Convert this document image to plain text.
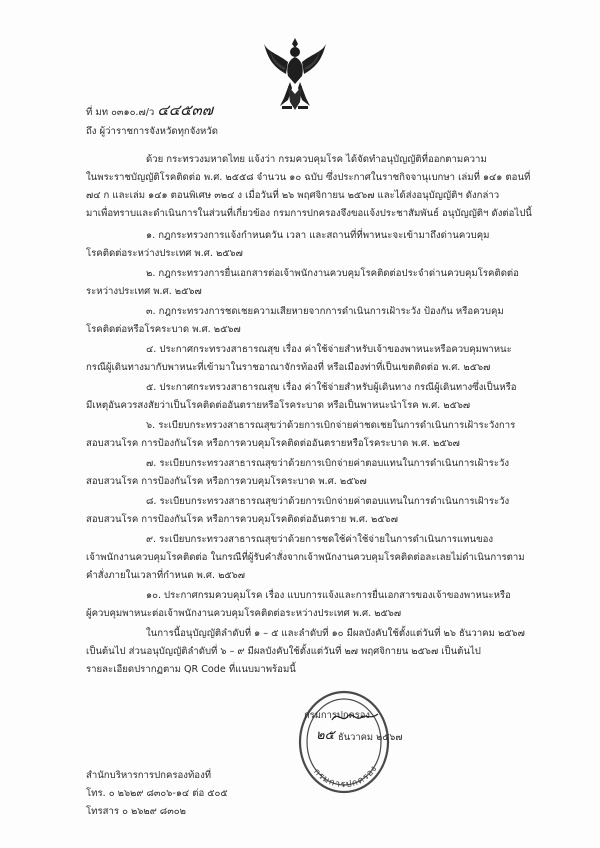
ที่ มท ๐๓๑๐.๗/ว ๔๔๕๓๗
ถึง ผู้ว่าราชการจังหวัดทุกจังหวัด
ด้วย กระทรวงมหาดไทย แจ้งว่า กรมควบคุมโรค ได้จัดทำอนุบัญญัติที่ออกตามความ
ในพระราชบัญญัติโรคติดต่อ พ.ศ. ๒๕๕๘ จำนวน ๑๐ ฉบับ ซึ่งประกาศในราชกิจจานุเบกษา เล่มที่ ๑๔๑ ตอนที่
๗๔ ก และเล่ม ๑๔๑ ตอนพิเศษ ๓๒๔ ง เมื่อวันที่ ๒๖ พฤศจิกายน ๒๕๖๗ และได้ส่งอนุบัญญัติฯ ดังกล่าว
มาเพื่อทราบและดำเนินการในส่วนที่เกี่ยวข้อง กรมการปกครองจึงขอแจ้งประชาสัมพันธ์ อนุบัญญัติฯ ดังต่อไปนี้
๑. กฎกระทรวงการแจ้งกำหนดวัน เวลา และสถานที่ที่พาหนะจะเข้ามาถึงด่านควบคุม
โรคติดต่อระหว่างประเทศ พ.ศ. ๒๕๖๗
๒. กฎกระทรวงการยื่นเอกสารต่อเจ้าพนักงานควบคุมโรคติดต่อประจำด่านควบคุมโรคติดต่อ
ระหว่างประเทศ พ.ศ. ๒๕๖๗
๓. กฎกระทรวงการชดเชยความเสียหายจากการดำเนินการเฝ้าระวัง ป้องกัน หรือควบคุม
โรคติดต่อหรือโรคระบาด พ.ศ. ๒๕๖๗
๔. ประกาศกระทรวงสาธารณสุข เรื่อง ค่าใช้จ่ายสำหรับเจ้าของพาหนะหรือควบคุมพาหนะ
กรณีผู้เดินทางมากับพาหนะที่เข้ามาในราชอาณาจักรท้องที่ หรือเมืองท่าที่เป็นเขตติดต่อ พ.ศ. ๒๕๖๗
๕. ประกาศกระทรวงสาธารณสุข เรื่อง ค่าใช้จ่ายสำหรับผู้เดินทาง กรณีผู้เดินทางซึ่งเป็นหรือ
มีเหตุอันควรสงสัยว่าเป็นโรคติดต่ออันตรายหรือโรคระบาด หรือเป็นพาหนะนำโรค พ.ศ. ๒๕๖๗
๖. ระเบียบกระทรวงสาธารณสุขว่าด้วยการเบิกจ่ายค่าชดเชยในการดำเนินการเฝ้าระวังการ
สอบสวนโรค การป้องกันโรค หรือการควบคุมโรคติดต่ออันตรายหรือโรคระบาด พ.ศ. ๒๕๖๗
๗. ระเบียบกระทรวงสาธารณสุขว่าด้วยการเบิกจ่ายค่าตอบแทนในการดำเนินการเฝ้าระวัง
สอบสวนโรค การป้องกันโรค หรือการควบคุมโรคระบาด พ.ศ. ๒๕๖๗
๘. ระเบียบกระทรวงสาธารณสุขว่าด้วยการเบิกจ่ายค่าตอบแทนในการดำเนินการเฝ้าระวัง
สอบสวนโรค การป้องกันโรค หรือการควบคุมโรคติดต่ออันตราย พ.ศ. ๒๕๖๗
๙. ระเบียบกระทรวงสาธารณสุขว่าด้วยการชดใช้ค่าใช้จ่ายในการดำเนินการแทนของ
เจ้าพนักงานควบคุมโรคติดต่อ ในกรณีที่ผู้รับคำสั่งจากเจ้าพนักงานควบคุมโรคติดต่อละเลยไม่ดำเนินการตาม
คำสั่งภายในเวลาที่กำหนด พ.ศ. ๒๕๖๗
๑๐. ประกาศกรมควบคุมโรค เรื่อง แบบการแจ้งและการยื่นเอกสารของเจ้าของพาหนะหรือ
ผู้ควบคุมพาหนะต่อเจ้าพนักงานควบคุมโรคติดต่อระหว่างประเทศ พ.ศ. ๒๕๖๗
ในการนี้อนุบัญญัติลำดับที่ ๑ – ๕ และลำดับที่ ๑๐ มีผลบังคับใช้ตั้งแต่วันที่ ๒๖ ธันวาคม ๒๕๖๗
เป็นต้นไป ส่วนอนุบัญญัติลำดับที่ ๖ – ๙ มีผลบังคับใช้ตั้งแต่วันที่ ๒๗ พฤศจิกายน ๒๕๖๗ เป็นต้นไป
รายละเอียดปรากฏตาม QR Code ที่แนบมาพร้อมนี้
กรมการปกครอง
กรมการปกครอง
๒๕ ธันวาคม ๒๕๖๗
สำนักบริหารการปกครองท้องที่
โทร. ๐ ๒๖๒๙ ๘๓๐๖-๑๔ ต่อ ๕๐๕
โทรสาร ๐ ๒๖๒๙ ๘๓๐๒
